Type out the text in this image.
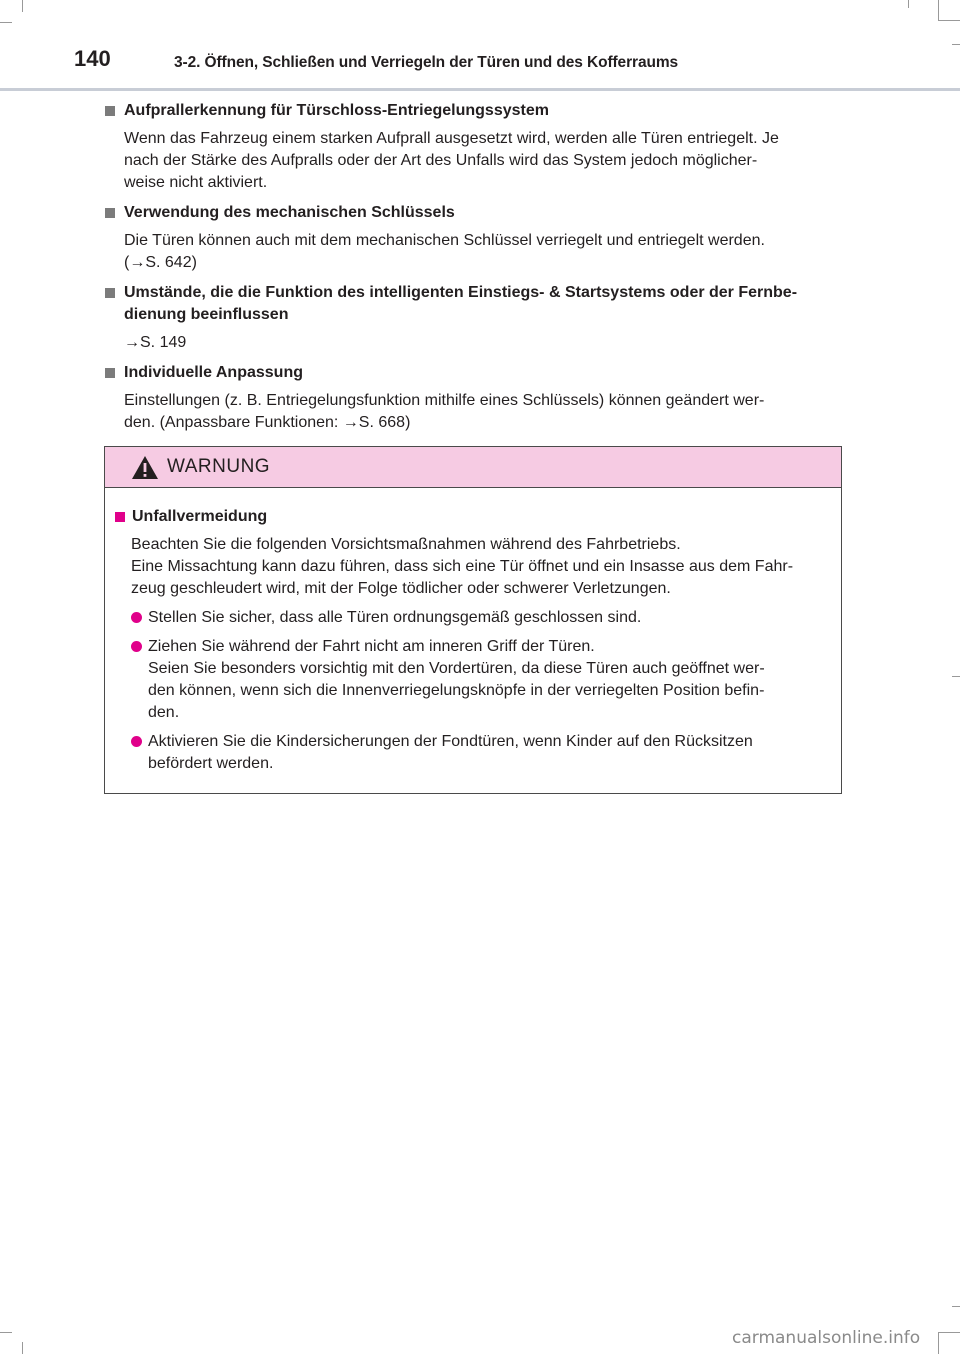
140	3-2. Öffnen, Schließen und Verriegeln der Türen und des Kofferraums
Aufprallerkennung für Türschloss-Entriegelungssystem
Wenn das Fahrzeug einem starken Aufprall ausgesetzt wird, werden alle Türen entriegelt. Je
nach der Stärke des Aufpralls oder der Art des Unfalls wird das System jedoch möglicher-
weise nicht aktiviert.
Verwendung des mechanischen Schlüssels
Die Türen können auch mit dem mechanischen Schlüssel verriegelt und entriegelt werden.
(→S. 642)
Umstände, die die Funktion des intelligenten Einstiegs- & Startsystems oder der Fernbe-
dienung beeinflussen
→S. 149
Individuelle Anpassung
Einstellungen (z. B. Entriegelungsfunktion mithilfe eines Schlüssels) können geändert wer-
den. (Anpassbare Funktionen: →S. 668)
WARNUNG
Unfallvermeidung
Beachten Sie die folgenden Vorsichtsmaßnahmen während des Fahrbetriebs.
Eine Missachtung kann dazu führen, dass sich eine Tür öffnet und ein Insasse aus dem Fahr-
zeug geschleudert wird, mit der Folge tödlicher oder schwerer Verletzungen.
Stellen Sie sicher, dass alle Türen ordnungsgemäß geschlossen sind.
Ziehen Sie während der Fahrt nicht am inneren Griff der Türen.
Seien Sie besonders vorsichtig mit den Vordertüren, da diese Türen auch geöffnet wer-
den können, wenn sich die Innenverriegelungsknöpfe in der verriegelten Position befin-
den.
Aktivieren Sie die Kindersicherungen der Fondtüren, wenn Kinder auf den Rücksitzen
befördert werden.
carmanualsonline.info
